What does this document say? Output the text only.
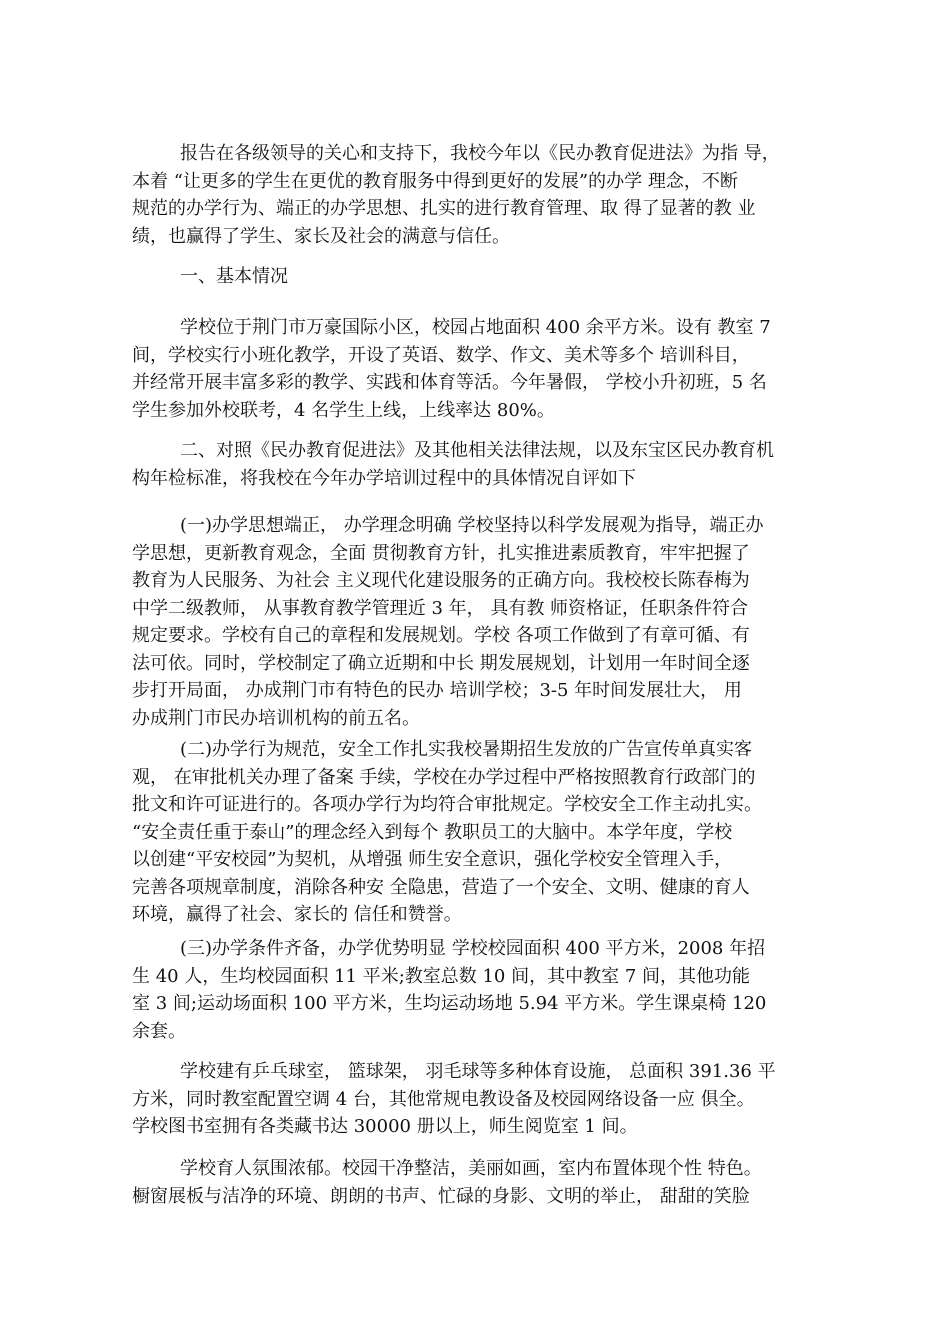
报告在各级领导的关心和支持下，我校今年以《民办教育促进法》为指 导，
本着 “让更多的学生在更优的教育服务中得到更好的发展”的办学 理念，不断
规范的办学行为、端正的办学思想、扎实的进行教育管理、取 得了显著的教 业
绩，也赢得了学生、家长及社会的满意与信任。
一、基本情况
学校位于荆门市万豪国际小区，校园占地面积 400 余平方米。设有 教室 7
间，学校实行小班化教学，开设了英语、数学、作文、美术等多个 培训科目，
并经常开展丰富多彩的教学、实践和体育等活。今年暑假， 学校小升初班，5 名
学生参加外校联考，4 名学生上线，上线率达 80%。
二、对照《民办教育促进法》及其他相关法律法规，以及东宝区民办教育机
构年检标准，将我校在今年办学培训过程中的具体情况自评如下
(一)办学思想端正， 办学理念明确 学校坚持以科学发展观为指导，端正办
学思想，更新教育观念，全面 贯彻教育方针，扎实推进素质教育，牢牢把握了
教育为人民服务、为社会 主义现代化建设服务的正确方向。我校校长陈春梅为
中学二级教师， 从事教育教学管理近 3 年， 具有教 师资格证，任职条件符合
规定要求。学校有自己的章程和发展规划。学校 各项工作做到了有章可循、有
法可依。同时，学校制定了确立近期和中长 期发展规划，计划用一年时间全逐
步打开局面， 办成荆门市有特色的民办 培训学校；3-5 年时间发展壮大， 用
办成荆门市民办培训机构的前五名。
(二)办学行为规范，安全工作扎实我校暑期招生发放的广告宣传单真实客
观， 在审批机关办理了备案 手续，学校在办学过程中严格按照教育行政部门的
批文和许可证进行的。各项办学行为均符合审批规定。学校安全工作主动扎实。
“安全责任重于泰山”的理念经入到每个 教职员工的大脑中。本学年度，学校
以创建“平安校园”为契机，从增强 师生安全意识，强化学校安全管理入手，
完善各项规章制度，消除各种安 全隐患，营造了一个安全、文明、健康的育人
环境，赢得了社会、家长的 信任和赞誉。
(三)办学条件齐备，办学优势明显 学校校园面积 400 平方米，2008 年招
生 40 人，生均校园面积 11 平米;教室总数 10 间，其中教室 7 间，其他功能
室 3 间;运动场面积 100 平方米，生均运动场地 5.94 平方米。学生课桌椅 120
余套。
学校建有乒乓球室， 篮球架， 羽毛球等多种体育设施， 总面积 391.36 平
方米，同时教室配置空调 4 台，其他常规电教设备及校园网络设备一应 俱全。
学校图书室拥有各类藏书达 30000 册以上，师生阅览室 1 间。
学校育人氛围浓郁。校园干净整洁，美丽如画，室内布置体现个性 特色。
橱窗展板与洁净的环境、朗朗的书声、忙碌的身影、文明的举止， 甜甜的笑脸
